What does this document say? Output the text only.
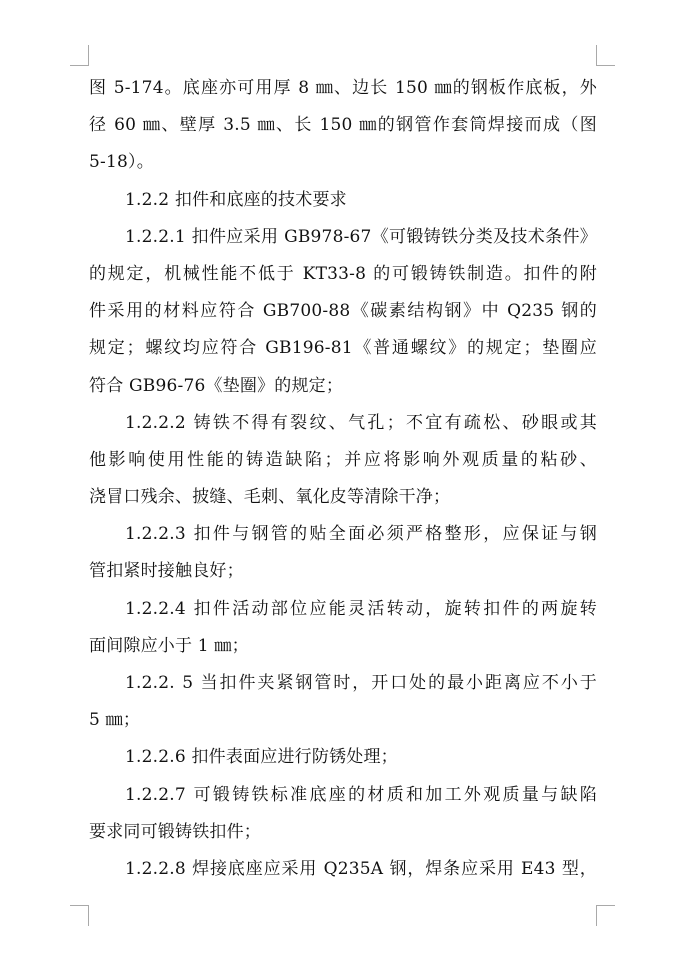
图 5-174。底座亦可用厚 8 ㎜、边长 150 ㎜的钢板作底板，外
径 60 ㎜、壁厚 3.5 ㎜、长 150 ㎜的钢管作套筒焊接而成（图
5-18）。
1.2.2 扣件和底座的技术要求
1.2.2.1 扣件应采用 GB978-67《可锻铸铁分类及技术条件》
的规定，机械性能不低于 KT33-8 的可锻铸铁制造。扣件的附
件采用的材料应符合 GB700-88《碳素结构钢》中 Q235 钢的
规定；螺纹均应符合 GB196-81《普通螺纹》的规定；垫圈应
符合 GB96-76《垫圈》的规定；
1.2.2.2 铸铁不得有裂纹、气孔；不宜有疏松、砂眼或其
他影响使用性能的铸造缺陷；并应将影响外观质量的粘砂、
浇冒口残余、披缝、毛刺、氧化皮等清除干净；
1.2.2.3 扣件与钢管的贴全面必须严格整形，应保证与钢
管扣紧时接触良好；
1.2.2.4 扣件活动部位应能灵活转动，旋转扣件的两旋转
面间隙应小于 1 ㎜；
1.2.2. 5 当扣件夹紧钢管时，开口处的最小距离应不小于
5 ㎜；
1.2.2.6 扣件表面应进行防锈处理；
1.2.2.7 可锻铸铁标准底座的材质和加工外观质量与缺陷
要求同可锻铸铁扣件；
1.2.2.8 焊接底座应采用 Q235A 钢，焊条应采用 E43 型，
